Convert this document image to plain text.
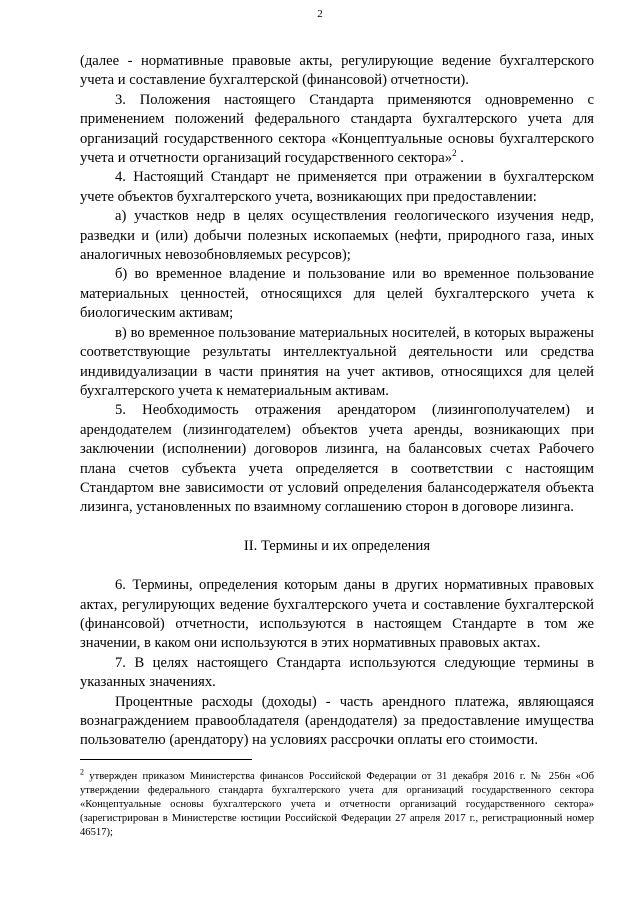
2

(далее - нормативные правовые акты, регулирующие ведение бухгалтерского учета и составление бухгалтерской (финансовой) отчетности).

3. Положения настоящего Стандарта применяются одновременно с применением положений федерального стандарта бухгалтерского учета для организаций государственного сектора «Концептуальные основы бухгалтерского учета и отчетности организаций государственного сектора»$^2$ .

4. Настоящий Стандарт не применяется при отражении в бухгалтерском учете объектов бухгалтерского учета, возникающих при предоставлении:

а) участков недр в целях осуществления геологического изучения недр, разведки и (или) добычи полезных ископаемых (нефти, природного газа, иных аналогичных невозобновляемых ресурсов);

б) во временное владение и пользование или во временное пользование материальных ценностей, относящихся для целей бухгалтерского учета к биологическим активам;

в) во временное пользование материальных носителей, в которых выражены соответствующие результаты интеллектуальной деятельности или средства индивидуализации в части принятия на учет активов, относящихся для целей бухгалтерского учета к нематериальным активам.

5. Необходимость отражения арендатором (лизингополучателем) и арендодателем (лизингодателем) объектов учета аренды, возникающих при заключении (исполнении) договоров лизинга, на балансовых счетах Рабочего плана счетов субъекта учета определяется в соответствии с настоящим Стандартом вне зависимости от условий определения балансодержателя объекта лизинга, установленных по взаимному соглашению сторон в договоре лизинга.

II. Термины и их определения

6. Термины, определения которым даны в других нормативных правовых актах, регулирующих ведение бухгалтерского учета и составление бухгалтерской (финансовой) отчетности, используются в настоящем Стандарте в том же значении, в каком они используются в этих нормативных правовых актах.

7. В целях настоящего Стандарта используются следующие термины в указанных значениях.

Процентные расходы (доходы) - часть арендного платежа, являющаяся вознаграждением правообладателя (арендодателя) за предоставление имущества пользователю (арендатору) на условиях рассрочки оплаты его стоимости.

$^2$ утвержден приказом Министерства финансов Российской Федерации от 31 декабря 2016 г. № 256н «Об утверждении федерального стандарта бухгалтерского учета для организаций государственного сектора «Концептуальные основы бухгалтерского учета и отчетности организаций государственного сектора» (зарегистрирован в Министерстве юстиции Российской Федерации 27 апреля 2017 г., регистрационный номер 46517);
